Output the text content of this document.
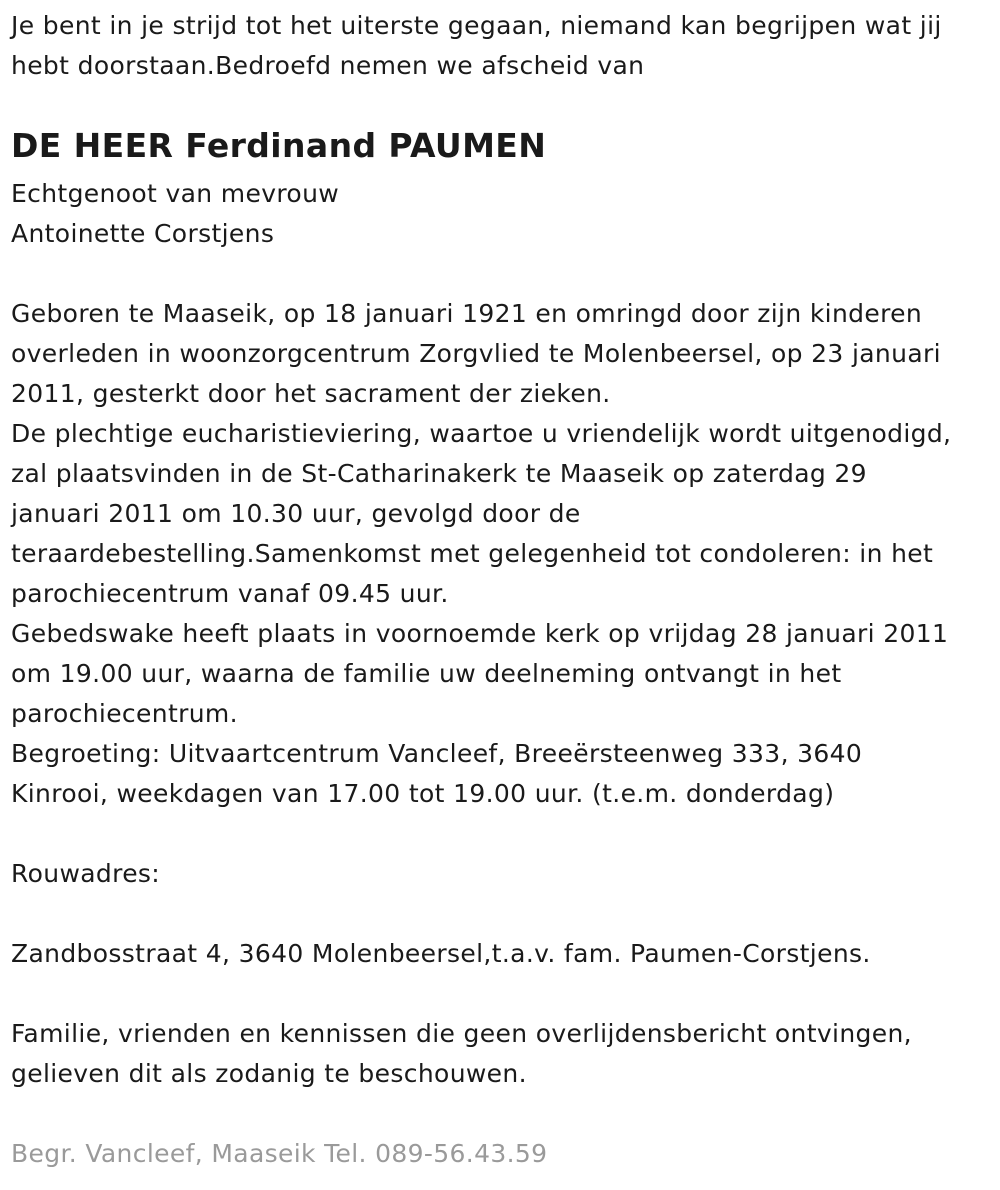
Je bent in je strijd tot het uiterste gegaan, niemand kan begrijpen wat jij
hebt doorstaan.Bedroefd nemen we afscheid van
DE HEER Ferdinand PAUMEN
Echtgenoot van mevrouw
Antoinette Corstjens
Geboren te Maaseik, op 18 januari 1921 en omringd door zijn kinderen
overleden in woonzorgcentrum Zorgvlied te Molenbeersel, op 23 januari
2011, gesterkt door het sacrament der zieken.
De plechtige eucharistieviering, waartoe u vriendelijk wordt uitgenodigd,
zal plaatsvinden in de St-Catharinakerk te Maaseik op zaterdag 29
januari 2011 om 10.30 uur, gevolgd door de
teraardebestelling.Samenkomst met gelegenheid tot condoleren: in het
parochiecentrum vanaf 09.45 uur.
Gebedswake heeft plaats in voornoemde kerk op vrijdag 28 januari 2011
om 19.00 uur, waarna de familie uw deelneming ontvangt in het
parochiecentrum.
Begroeting: Uitvaartcentrum Vancleef, Breeërsteenweg 333, 3640
Kinrooi, weekdagen van 17.00 tot 19.00 uur. (t.e.m. donderdag)
Rouwadres:
Zandbosstraat 4, 3640 Molenbeersel,t.a.v. fam. Paumen-Corstjens.
Familie, vrienden en kennissen die geen overlijdensbericht ontvingen,
gelieven dit als zodanig te beschouwen.
Begr. Vancleef, Maaseik Tel. 089-56.43.59
